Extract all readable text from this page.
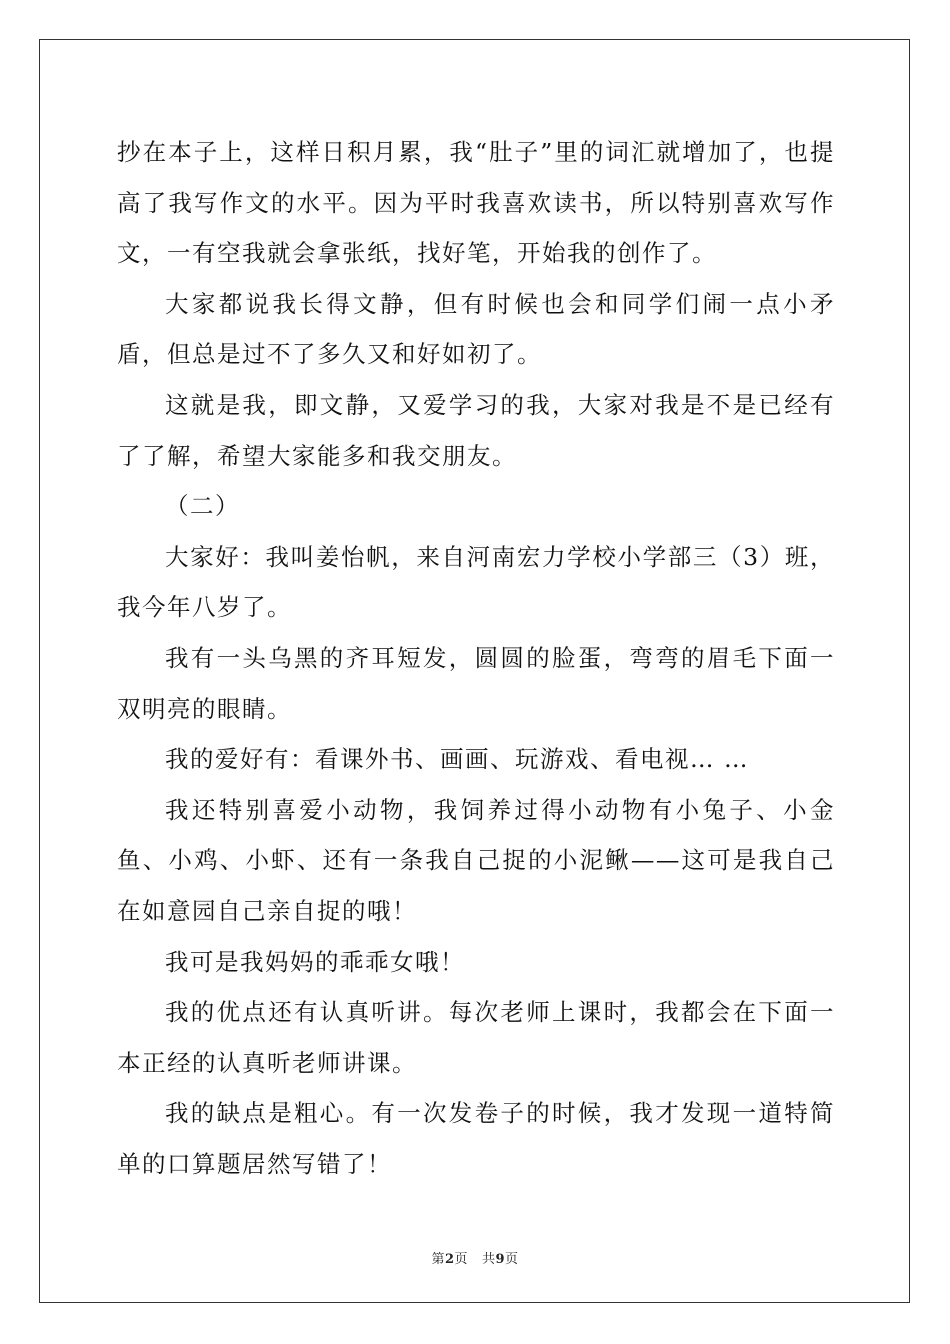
抄在本子上，这样日积月累，我“肚子”里的词汇就增加了，也提高了我写作文的水平。因为平时我喜欢读书，所以特别喜欢写作文，一有空我就会拿张纸，找好笔，开始我的创作了。

大家都说我长得文静，但有时候也会和同学们闹一点小矛盾，但总是过不了多久又和好如初了。

这就是我，即文静，又爱学习的我，大家对我是不是已经有了了解，希望大家能多和我交朋友。

（二）

大家好：我叫姜怡帆，来自河南宏力学校小学部三（3）班，我今年八岁了。

我有一头乌黑的齐耳短发，圆圆的脸蛋，弯弯的眉毛下面一双明亮的眼睛。

我的爱好有：看课外书、画画、玩游戏、看电视… …

我还特别喜爱小动物，我饲养过得小动物有小兔子、小金鱼、小鸡、小虾、还有一条我自己捉的小泥鳅——这可是我自己在如意园自己亲自捉的哦！

我可是我妈妈的乖乖女哦！

我的优点还有认真听讲。每次老师上课时，我都会在下面一本正经的认真听老师讲课。

我的缺点是粗心。有一次发卷子的时候，我才发现一道特简单的口算题居然写错了！

第2页   共9页
